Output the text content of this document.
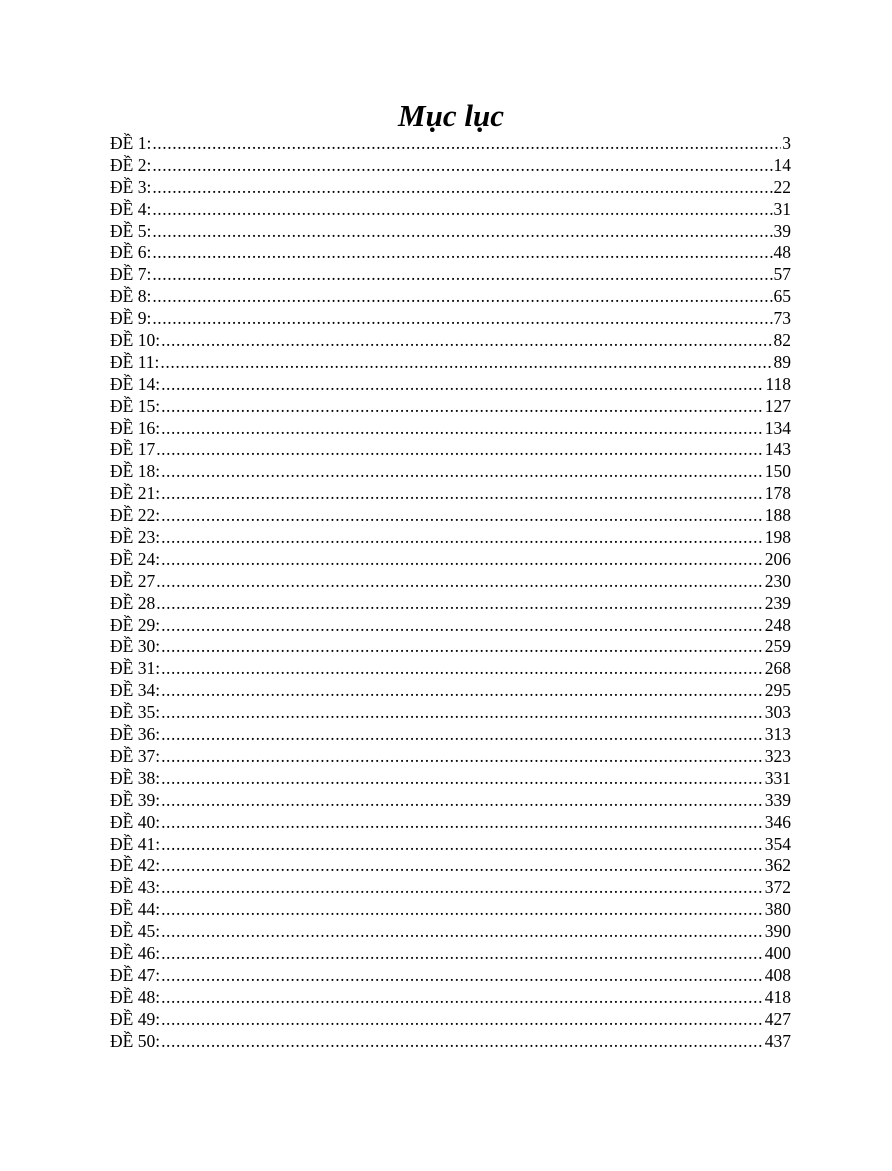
Mục lục
ĐỀ 1: .....	3
ĐỀ 2: .....	14
ĐỀ 3: .....	22
ĐỀ 4: .....	31
ĐỀ 5: .....	39
ĐỀ 6: .....	48
ĐỀ 7: .....	57
ĐỀ 8: .....	65
ĐỀ 9: .....	73
ĐỀ 10: .....	82
ĐỀ 11: .....	89
ĐỀ 14: .....	118
ĐỀ 15: .....	127
ĐỀ 16: .....	134
ĐỀ 17 .....	143
ĐỀ 18: .....	150
ĐỀ 21: .....	178
ĐỀ 22: .....	188
ĐỀ 23: .....	198
ĐỀ 24: .....	206
ĐỀ 27 .....	230
ĐỀ 28 .....	239
ĐỀ 29: .....	248
ĐỀ 30: .....	259
ĐỀ 31: .....	268
ĐỀ 34: .....	295
ĐỀ 35: .....	303
ĐỀ 36: .....	313
ĐỀ 37: .....	323
ĐỀ 38: .....	331
ĐỀ 39: .....	339
ĐỀ 40: .....	346
ĐỀ 41: .....	354
ĐỀ 42: .....	362
ĐỀ 43: .....	372
ĐỀ 44: .....	380
ĐỀ 45: .....	390
ĐỀ 46: .....	400
ĐỀ 47: .....	408
ĐỀ 48: .....	418
ĐỀ 49: .....	427
ĐỀ 50: .....	437
